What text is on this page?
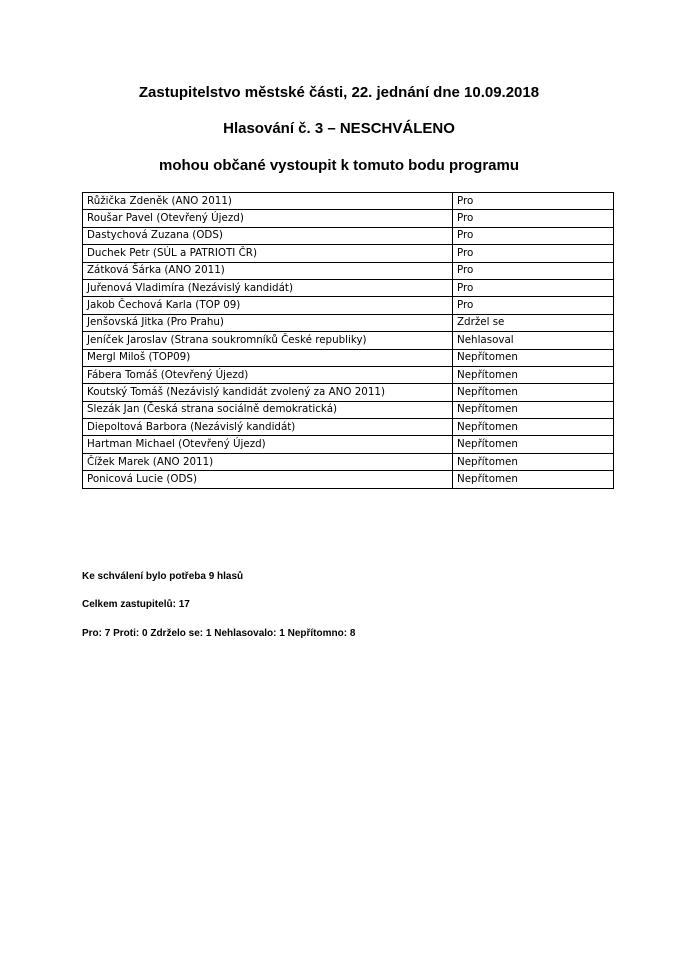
Zastupitelstvo městské části, 22. jednání dne 10.09.2018
Hlasování č. 3 – NESCHVÁLENO
mohou občané vystoupit k tomuto bodu programu
Růžička Zdeněk (ANO 2011)	Pro
Roušar Pavel (Otevřený Újezd)	Pro
Dastychová Zuzana (ODS)	Pro
Duchek Petr (SÚL a PATRIOTI ČR)	Pro
Zátková Šárka (ANO 2011)	Pro
Juřenová Vladimíra (Nezávislý kandidát)	Pro
Jakob Čechová Karla (TOP 09)	Pro
Jenšovská Jitka (Pro Prahu)	Zdržel se
Jeníček Jaroslav (Strana soukromníků České republiky)	Nehlasoval
Mergl Miloš (TOP09)	Nepřítomen
Fábera Tomáš (Otevřený Újezd)	Nepřítomen
Koutský Tomáš (Nezávislý kandidát zvolený za ANO 2011)	Nepřítomen
Slezák Jan (Česká strana sociálně demokratická)	Nepřítomen
Diepoltová Barbora (Nezávislý kandidát)	Nepřítomen
Hartman Michael (Otevřený Újezd)	Nepřítomen
Čížek Marek (ANO 2011)	Nepřítomen
Ponicová Lucie (ODS)	Nepřítomen
Ke schválení bylo potřeba 9 hlasů
Celkem zastupitelů: 17
Pro: 7 Proti: 0 Zdrželo se: 1 Nehlasovalo: 1 Nepřítomno: 8
